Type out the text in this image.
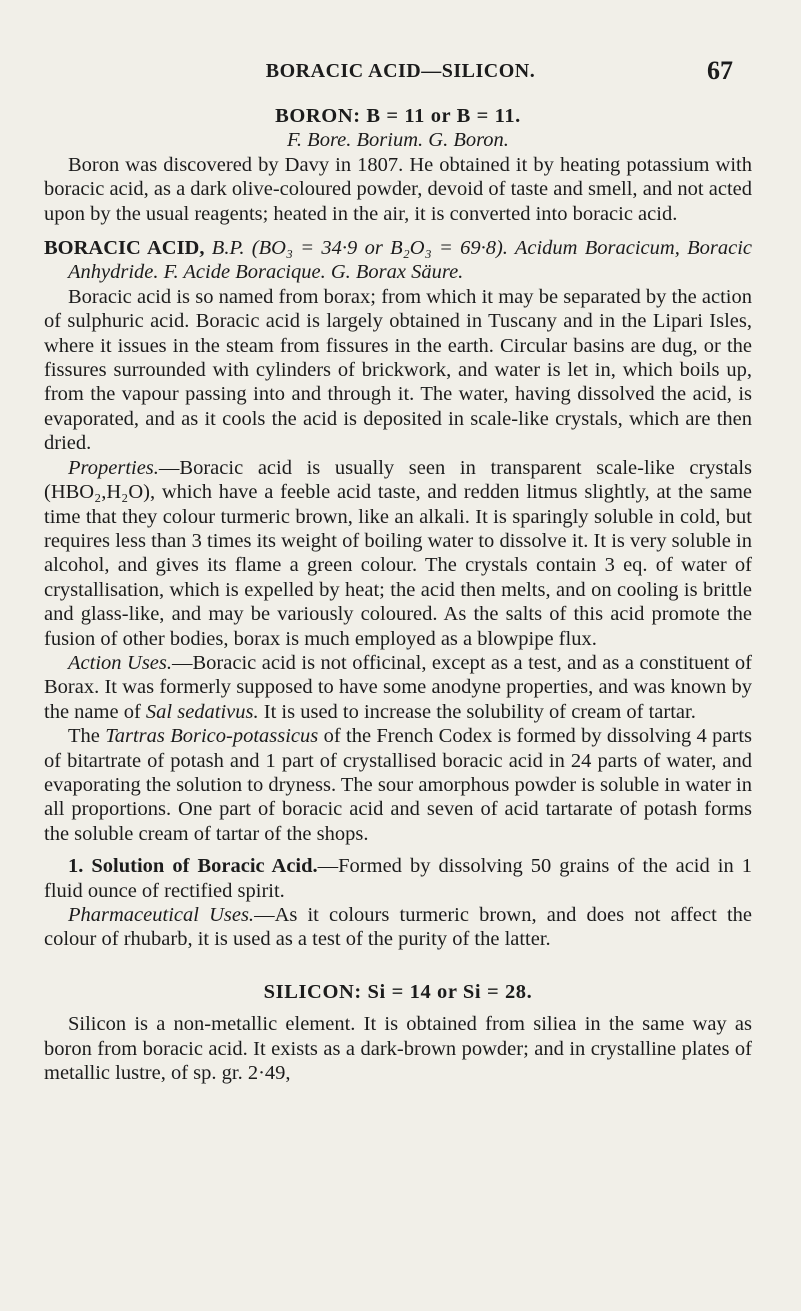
BORACIC ACID—SILICON.	67

BORON: B = 11 or B = 11.

F. Bore. Borium. G. Boron.

Boron was discovered by Davy in 1807. He obtained it by heating potassium with boracic acid, as a dark olive-coloured powder, devoid of taste and smell, and not acted upon by the usual reagents; heated in the air, it is converted into boracic acid.

BORACIC ACID, B.P. (BO₃ = 34·9 or B₂O₃ = 69·8). Acidum Boracicum, Boracic Anhydride. F. Acide Boracique. G. Borax Säure.

Boracic acid is so named from borax; from which it may be separated by the action of sulphuric acid. Boracic acid is largely obtained in Tuscany and in the Lipari Isles, where it issues in the steam from fissures in the earth. Circular basins are dug, or the fissures surrounded with cylinders of brickwork, and water is let in, which boils up, from the vapour passing into and through it. The water, having dissolved the acid, is evaporated, and as it cools the acid is deposited in scale-like crystals, which are then dried.

Properties.—Boracic acid is usually seen in transparent scale-like crystals (HBO₂,H₂O), which have a feeble acid taste, and redden litmus slightly, at the same time that they colour turmeric brown, like an alkali. It is sparingly soluble in cold, but requires less than 3 times its weight of boiling water to dissolve it. It is very soluble in alcohol, and gives its flame a green colour. The crystals contain 3 eq. of water of crystallisation, which is expelled by heat; the acid then melts, and on cooling is brittle and glass-like, and may be variously coloured. As the salts of this acid promote the fusion of other bodies, borax is much employed as a blowpipe flux.

Action Uses.—Boracic acid is not officinal, except as a test, and as a constituent of Borax. It was formerly supposed to have some anodyne properties, and was known by the name of Sal sedativus. It is used to increase the solubility of cream of tartar.

The Tartras Borico-potassicus of the French Codex is formed by dissolving 4 parts of bitartrate of potash and 1 part of crystallised boracic acid in 24 parts of water, and evaporating the solution to dryness. The sour amorphous powder is soluble in water in all proportions. One part of boracic acid and seven of acid tartarate of potash forms the soluble cream of tartar of the shops.

1. Solution of Boracic Acid.—Formed by dissolving 50 grains of the acid in 1 fluid ounce of rectified spirit.

Pharmaceutical Uses.—As it colours turmeric brown, and does not affect the colour of rhubarb, it is used as a test of the purity of the latter.

SILICON: Si = 14 or Si = 28.

Silicon is a non-metallic element. It is obtained from siliea in the same way as boron from boracic acid. It exists as a dark-brown powder; and in crystalline plates of metallic lustre, of sp. gr. 2·49,
